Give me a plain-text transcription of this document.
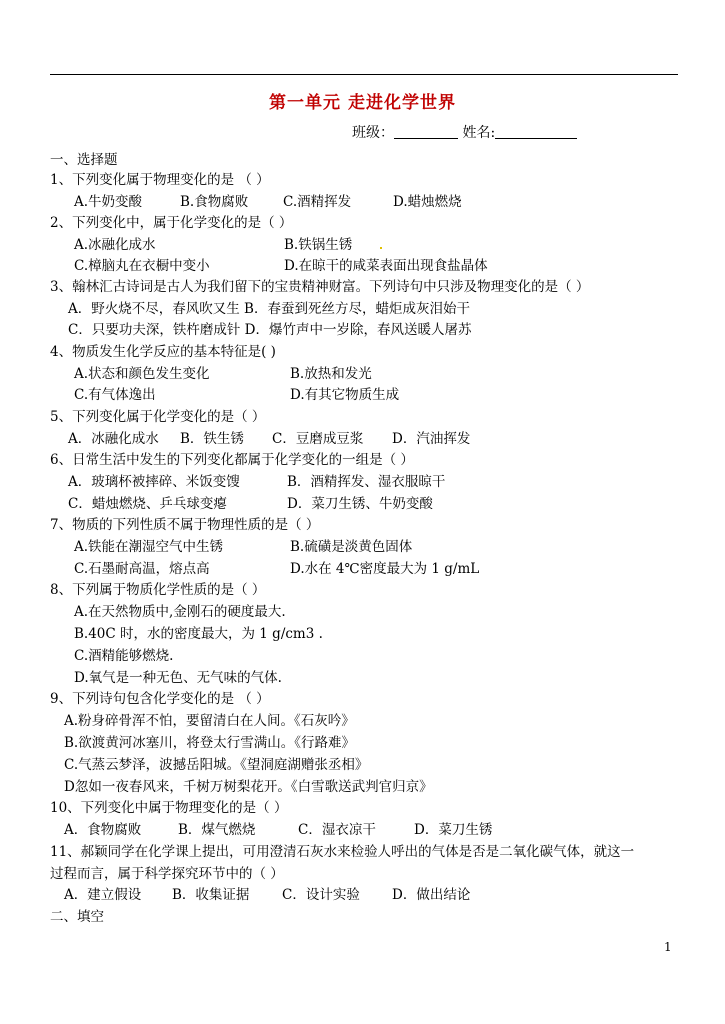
第一单元 走进化学世界
班级：	姓名:
一、选择题
1、下列变化属于物理变化的是 （ ）
A.牛奶变酸	B.食物腐败	C.酒精挥发	D.蜡烛燃烧
2、下列变化中，属于化学变化的是（ ）
A.冰融化成水	B.铁锅生锈
C.樟脑丸在衣橱中变小	D.在晾干的咸菜表面出现食盐晶体
3、翰林汇古诗词是古人为我们留下的宝贵精神财富。下列诗句中只涉及物理变化的是（ ）
A．野火烧不尽，春风吹又生 B．春蚕到死丝方尽，蜡炬成灰泪始干
C．只要功夫深，铁杵磨成针 D．爆竹声中一岁除，春风送暖人屠苏
4、物质发生化学反应的基本特征是( )
A.状态和颜色发生变化	B.放热和发光
C.有气体逸出	D.有其它物质生成
5、下列变化属于化学变化的是（ ）
A．冰融化成水 B．铁生锈 C．豆磨成豆浆 D．汽油挥发
6、日常生活中发生的下列变化都属于化学变化的一组是（ ）
A．玻璃杯被摔碎、米饭变馊	B．酒精挥发、湿衣服晾干
C．蜡烛燃烧、乒乓球变瘪	D．菜刀生锈、牛奶变酸
7、物质的下列性质不属于物理性质的是（ ）
A.铁能在潮湿空气中生锈	B.硫磺是淡黄色固体
C.石墨耐高温，熔点高	D.水在 4℃密度最大为 1 g/mL
8、下列属于物质化学性质的是（ ）
A.在天然物质中,金刚石的硬度最大.
B.40C 时，水的密度最大，为 1 g/cm3 .
C.酒精能够燃烧.
D.氧气是一种无色、无气味的气体.
9、下列诗句包含化学变化的是 （ ）
A.粉身碎骨浑不怕，要留清白在人间。《石灰吟》
B.欲渡黄河冰塞川，将登太行雪满山。《行路难》
C.气蒸云梦泽，波撼岳阳城。《望洞庭湖赠张丞相》
D忽如一夜春风来，千树万树梨花开。《白雪歌送武判官归京》
10、下列变化中属于物理变化的是（ ）
A．食物腐败	B．煤气燃烧	C．湿衣凉干	D．菜刀生锈
11、郝颖同学在化学课上提出，可用澄清石灰水来检验人呼出的气体是否是二氧化碳气体，就这一
过程而言，属于科学探究环节中的（ ）
A．建立假设 B．收集证据 C．设计实验 D．做出结论
二、填空
1
